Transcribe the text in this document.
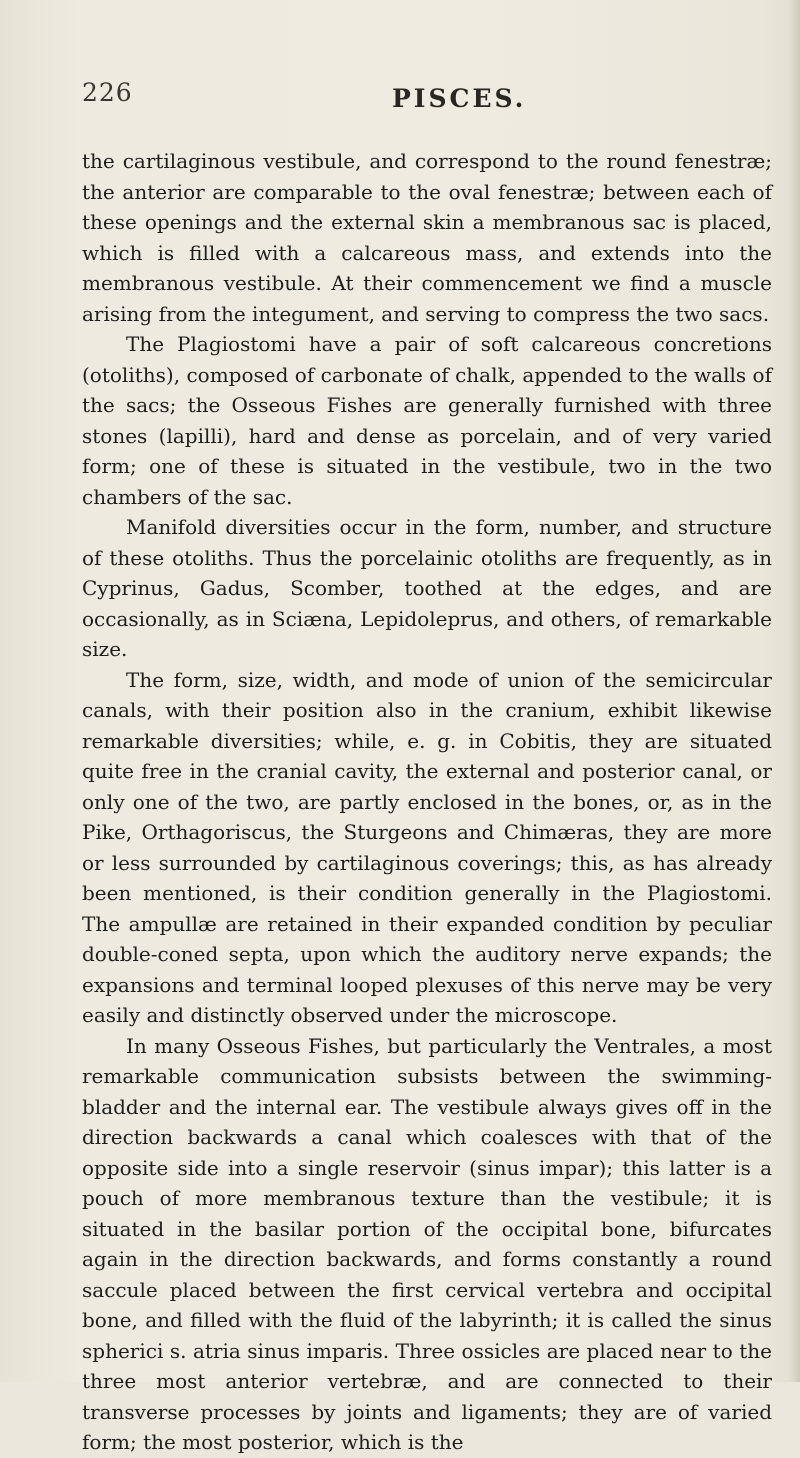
226	PISCES.

the cartilaginous vestibule, and correspond to the round fenestræ; the anterior are comparable to the oval fenestræ; between each of these openings and the external skin a membranous sac is placed, which is filled with a calcareous mass, and extends into the membranous vestibule. At their commencement we find a muscle arising from the integument, and serving to compress the two sacs.

The Plagiostomi have a pair of soft calcareous concretions (otoliths), composed of carbonate of chalk, appended to the walls of the sacs; the Osseous Fishes are generally furnished with three stones (lapilli), hard and dense as porcelain, and of very varied form; one of these is situated in the vestibule, two in the two chambers of the sac.

Manifold diversities occur in the form, number, and structure of these otoliths. Thus the porcelainic otoliths are frequently, as in Cyprinus, Gadus, Scomber, toothed at the edges, and are occasionally, as in Sciæna, Lepidoleprus, and others, of remarkable size.

The form, size, width, and mode of union of the semicircular canals, with their position also in the cranium, exhibit likewise remarkable diversities; while, e. g. in Cobitis, they are situated quite free in the cranial cavity, the external and posterior canal, or only one of the two, are partly enclosed in the bones, or, as in the Pike, Orthagoriscus, the Sturgeons and Chimæras, they are more or less surrounded by cartilaginous coverings; this, as has already been mentioned, is their condition generally in the Plagiostomi. The ampullæ are retained in their expanded condition by peculiar double-coned septa, upon which the auditory nerve expands; the expansions and terminal looped plexuses of this nerve may be very easily and distinctly observed under the microscope.

In many Osseous Fishes, but particularly the Ventrales, a most remarkable communication subsists between the swimming-bladder and the internal ear. The vestibule always gives off in the direction backwards a canal which coalesces with that of the opposite side into a single reservoir (sinus impar); this latter is a pouch of more membranous texture than the vestibule; it is situated in the basilar portion of the occipital bone, bifurcates again in the direction backwards, and forms constantly a round saccule placed between the first cervical vertebra and occipital bone, and filled with the fluid of the labyrinth; it is called the sinus spherici s. atria sinus imparis. Three ossicles are placed near to the three most anterior vertebræ, and are connected to their transverse processes by joints and ligaments; they are of varied form; the most posterior, which is the
